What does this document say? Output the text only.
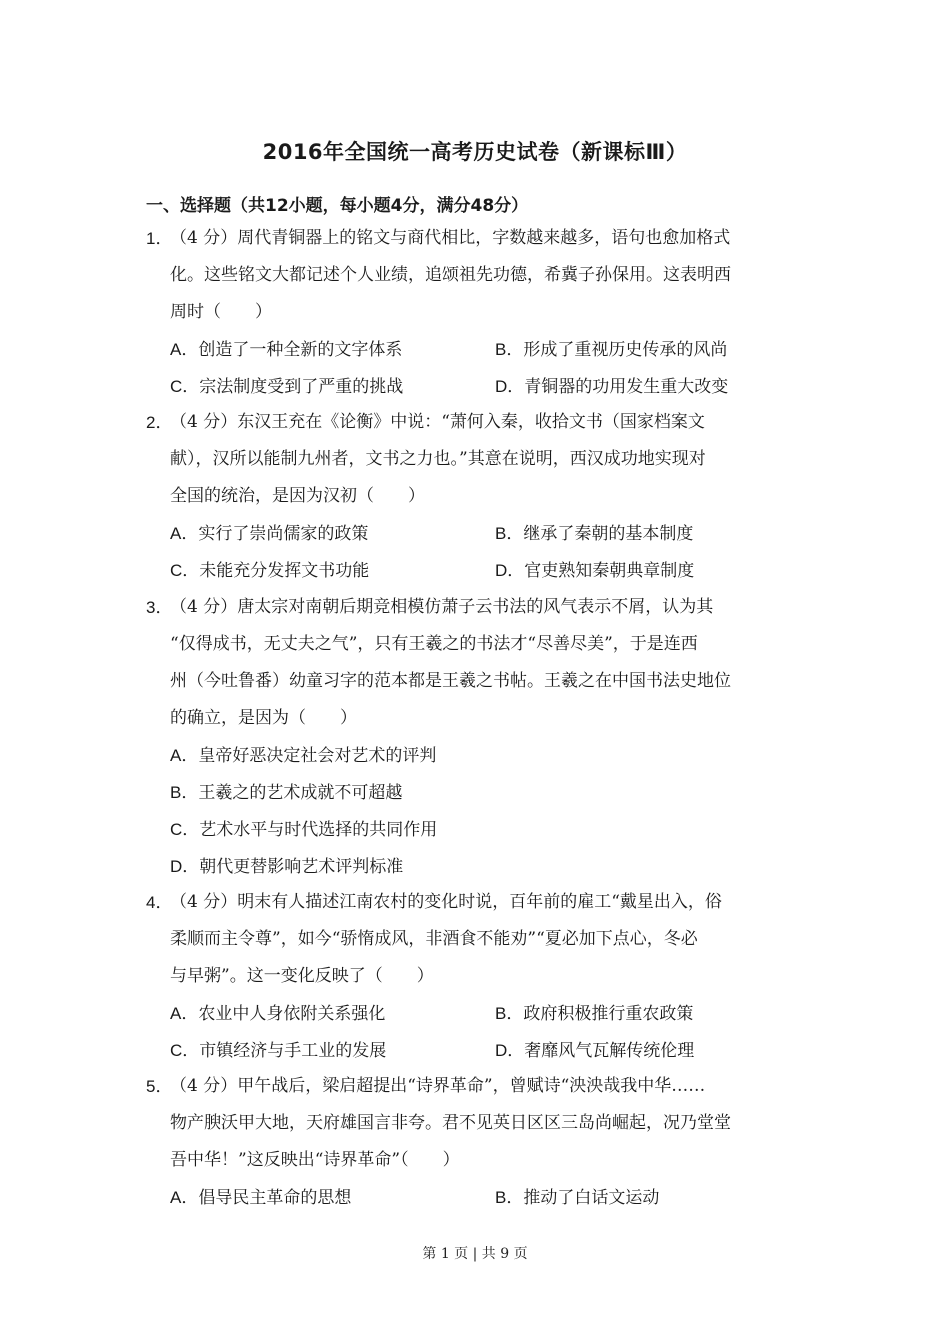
2016年全国统一高考历史试卷（新课标Ⅲ）
一、选择题（共12小题，每小题4分，满分48分）
1．
（4 分）周代青铜器上的铭文与商代相比，字数越来越多，语句也愈加格式
化。这些铭文大都记述个人业绩，追颂祖先功德，希冀子孙保用。这表明西
周时（　　）
A．创造了一种全新的文字体系	B．形成了重视历史传承的风尚
C．宗法制度受到了严重的挑战	D．青铜器的功用发生重大改变
2．
（4 分）东汉王充在《论衡》中说：“萧何入秦，收拾文书（国家档案文
献），汉所以能制九州者，文书之力也。”其意在说明，西汉成功地实现对
全国的统治，是因为汉初（　　）
A．实行了崇尚儒家的政策	B．继承了秦朝的基本制度
C．未能充分发挥文书功能	D．官吏熟知秦朝典章制度
3．
（4 分）唐太宗对南朝后期竞相模仿萧子云书法的风气表示不屑，认为其
“仅得成书，无丈夫之气”，只有王羲之的书法才“尽善尽美”，于是连西
州（今吐鲁番）幼童习字的范本都是王羲之书帖。王羲之在中国书法史地位
的确立，是因为（　　）
A．皇帝好恶决定社会对艺术的评判
B．王羲之的艺术成就不可超越
C．艺术水平与时代选择的共同作用
D．朝代更替影响艺术评判标准
4．
（4 分）明末有人描述江南农村的变化时说，百年前的雇工“戴星出入，俗
柔顺而主令尊”，如今“骄惰成风，非酒食不能劝”“夏必加下点心，冬必
与早粥”。这一变化反映了（　　）
A．农业中人身依附关系强化	B．政府积极推行重农政策
C．市镇经济与手工业的发展	D．奢靡风气瓦解传统伦理
5．
（4 分）甲午战后，梁启超提出“诗界革命”，曾赋诗“泱泱哉我中华……
物产腴沃甲大地，天府雄国言非夸。君不见英日区区三岛尚崛起，况乃堂堂
吾中华！”这反映出“诗界革命”（　　）
A．倡导民主革命的思想	B．推动了白话文运动
第 1 页 | 共 9 页
